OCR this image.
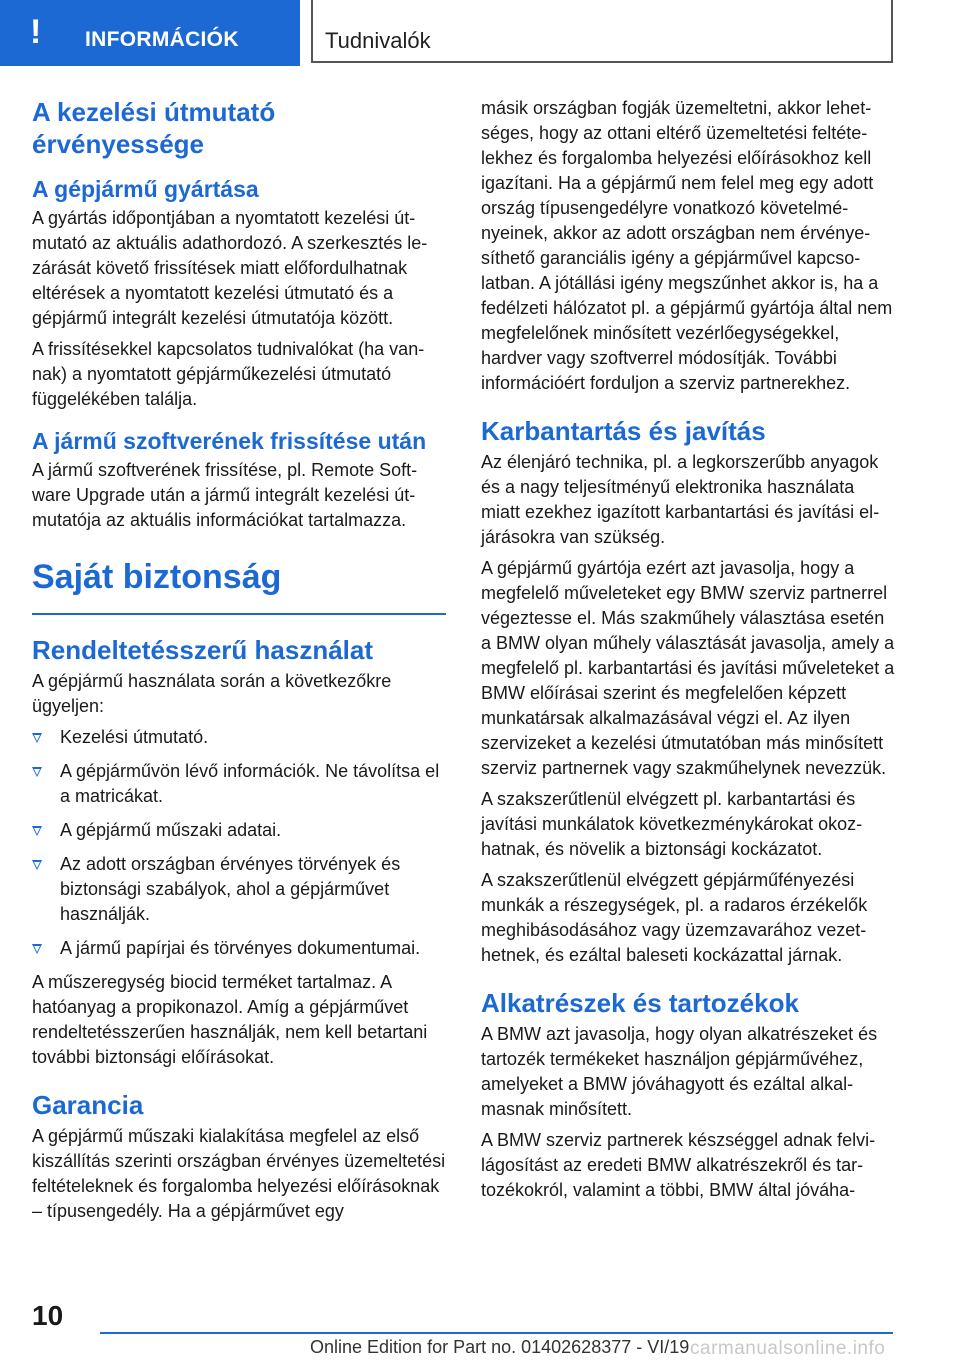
! INFORMÁCIÓK	Tudnivalók
A kezelési útmutató
érvényessége
A gépjármű gyártása

A gyártás időpontjában a nyomtatott kezelési útmutató az aktuális adathordozó. A szerkesztés lezárását követő frissítések miatt előfordulhatnak eltérések a nyomtatott kezelési útmutató és a gépjármű integrált kezelési útmutatója között.

A frissítésekkel kapcsolatos tudnivalókat (ha vannak) a nyomtatott gépjárműkezelési útmutató függelékében találja.

A jármű szoftverének frissítése után

A jármű szoftverének frissítése, pl. Remote Software Upgrade után a jármű integrált kezelési útmutatója az aktuális információkat tartalmazza.

Saját biztonság
Rendeltetésszerű használat

A gépjármű használata során a következőkre ügyeljen:

Kezelési útmutató.
A gépjárművön lévő információk. Ne távolítsa el a matricákat.
A gépjármű műszaki adatai.
Az adott országban érvényes törvények és biztonsági szabályok, ahol a gépjárművet használják.
A jármű papírjai és törvényes dokumentumai.

A műszeregység biocid terméket tartalmaz. A hatóanyag a propikonazol. Amíg a gépjárművet rendeltetésszerűen használják, nem kell betartani további biztonsági előírásokat.

Garancia

A gépjármű műszaki kialakítása megfelel az első kiszállítás szerinti országban érvényes üzemeltetési feltételeknek és forgalomba helyezési előírásoknak – típusengedély. Ha a gépjárművet egy

másik országban fogják üzemeltetni, akkor lehetséges, hogy az ottani eltérő üzemeltetési feltételekhez és forgalomba helyezési előírásokhoz kell igazítani. Ha a gépjármű nem felel meg egy adott ország típusengedélyre vonatkozó követelményeinek, akkor az adott országban nem érvényesíthető garanciális igény a gépjárművel kapcsolatban. A jótállási igény megszűnhet akkor is, ha a fedélzeti hálózatot pl. a gépjármű gyártója által nem megfelelőnek minősített vezérlőegységekkel, hardver vagy szoftverrel módosítják. További információért forduljon a szerviz partnerekhez.

Karbantartás és javítás

Az élenjáró technika, pl. a legkorszerűbb anyagok és a nagy teljesítményű elektronika használata miatt ezekhez igazított karbantartási és javítási eljárásokra van szükség.

A gépjármű gyártója ezért azt javasolja, hogy a megfelelő műveleteket egy BMW szerviz partnerrel végeztesse el. Más szakműhely választása esetén a BMW olyan műhely választását javasolja, amely a megfelelő pl. karbantartási és javítási műveleteket a BMW előírásai szerint és megfelelően képzett munkatársak alkalmazásával végzi el. Az ilyen szervizeket a kezelési útmutatóban más minősített szerviz partnernek vagy szakműhelynek nevezzük.

A szakszerűtlenül elvégzett pl. karbantartási és javítási munkálatok következménykárokat okozhatnak, és növelik a biztonsági kockázatot.

A szakszerűtlenül elvégzett gépjárműfényezési munkák a részegységek, pl. a radaros érzékelők meghibásodásához vagy üzemzavarához vezethetnek, és ezáltal baleseti kockázattal járnak.

Alkatrészek és tartozékok

A BMW azt javasolja, hogy olyan alkatrészeket és tartozék termékeket használjon gépjárművéhez, amelyeket a BMW jóváhagyott és ezáltal alkalmasnak minősített.

A BMW szerviz partnerek készséggel adnak felvilágosítást az eredeti BMW alkatrészekről és tartozékokról, valamint a többi, BMW által jóváha-

10
Online Edition for Part no. 01402628377 - VI/19 carmanualsonline.info
